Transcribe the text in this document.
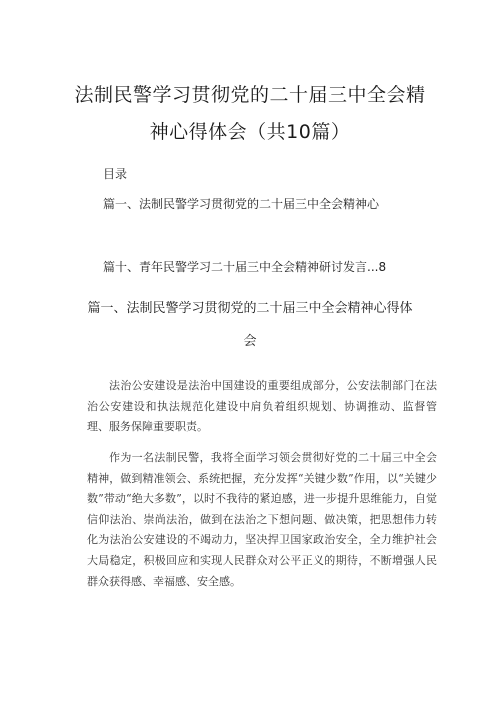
法制民警学习贯彻党的二十届三中全会精
神心得体会（共10篇）
目录
篇一、法制民警学习贯彻党的二十届三中全会精神心
篇十、青年民警学习二十届三中全会精神研讨发言...8
篇一、法制民警学习贯彻党的二十届三中全会精神心得体
会

法治公安建设是法治中国建设的重要组成部分，公安法制部门在法治公安建设和执法规范化建设中肩负着组织规划、协调推动、监督管理、服务保障重要职责。

作为一名法制民警，我将全面学习领会贯彻好党的二十届三中全会精神，做到精准领会、系统把握，充分发挥“关键少数”作用，以“关键少数”带动“绝大多数”，以时不我待的紧迫感，进一步提升思维能力，自觉信仰法治、崇尚法治，做到在法治之下想问题、做决策，把思想伟力转化为法治公安建设的不竭动力，坚决捍卫国家政治安全，全力维护社会大局稳定，积极回应和实现人民群众对公平正义的期待，不断增强人民群众获得感、幸福感、安全感。
